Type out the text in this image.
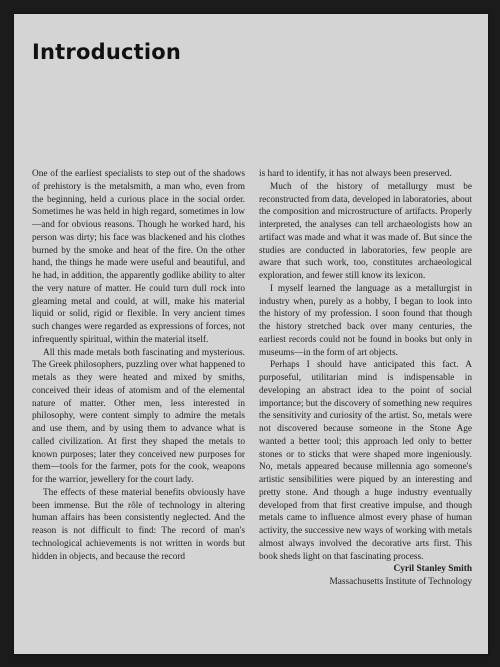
Introduction

One of the earliest specialists to step out of the shadows of prehistory is the metalsmith, a man who, even from the beginning, held a curious place in the social order. Sometimes he was held in high regard, sometimes in low—and for obvious reasons. Though he worked hard, his person was dirty; his face was blackened and his clothes burned by the smoke and heat of the fire. On the other hand, the things he made were useful and beautiful, and he had, in addition, the apparently godlike ability to alter the very nature of matter. He could turn dull rock into gleaming metal and could, at will, make his material liquid or solid, rigid or flexible. In very ancient times such changes were regarded as expressions of forces, not infrequently spiritual, within the material itself.

All this made metals both fascinating and mysterious. The Greek philosophers, puzzling over what happened to metals as they were heated and mixed by smiths, conceived their ideas of atomism and of the elemental nature of matter. Other men, less interested in philosophy, were content simply to admire the metals and use them, and by using them to advance what is called civilization. At first they shaped the metals to known purposes; later they conceived new purposes for them—tools for the farmer, pots for the cook, weapons for the warrior, jewellery for the court lady.

The effects of these material benefits obviously have been immense. But the rôle of technology in altering human affairs has been consistently neglected. And the reason is not difficult to find: The record of man's technological achievements is not written in words but hidden in objects, and because the record

is hard to identify, it has not always been preserved.

Much of the history of metallurgy must be reconstructed from data, developed in laboratories, about the composition and microstructure of artifacts. Properly interpreted, the analyses can tell archaeologists how an artifact was made and what it was made of. But since the studies are conducted in laboratories, few people are aware that such work, too, constitutes archaeological exploration, and fewer still know its lexicon.

I myself learned the language as a metallurgist in industry when, purely as a hobby, I began to look into the history of my profession. I soon found that though the history stretched back over many centuries, the earliest records could not be found in books but only in museums—in the form of art objects.

Perhaps I should have anticipated this fact. A purposeful, utilitarian mind is indispensable in developing an abstract idea to the point of social importance; but the discovery of something new requires the sensitivity and curiosity of the artist. So, metals were not discovered because someone in the Stone Age wanted a better tool; this approach led only to better stones or to sticks that were shaped more ingeniously. No, metals appeared because millennia ago someone's artistic sensibilities were piqued by an interesting and pretty stone. And though a huge industry eventually developed from that first creative impulse, and though metals came to influence almost every phase of human activity, the successive new ways of working with metals almost always involved the decorative arts first. This book sheds light on that fascinating process.

Cyril Stanley Smith

Massachusetts Institute of Technology
